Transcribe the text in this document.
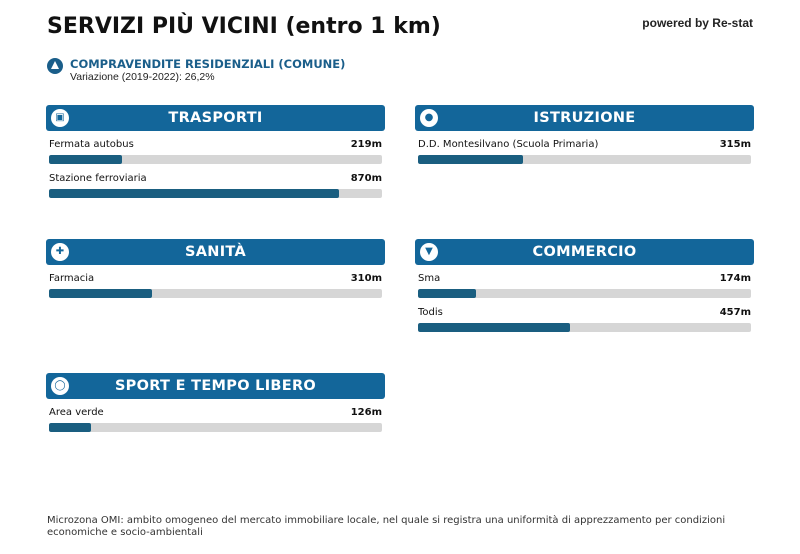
SERVIZI PIÙ VICINI (entro 1 km)	powered by Re-stat
COMPRAVENDITE RESIDENZIALI (COMUNE)
Variazione (2019-2022): 26,2%
▣	TRASPORTI
Fermata autobus	219m
Stazione ferroviaria	870m
●	ISTRUZIONE
D.D. Montesilvano (Scuola Primaria)	315m
✚	SANITÀ
Farmacia	310m
▼	COMMERCIO
Sma	174m
Todis	457m
◯	SPORT E TEMPO LIBERO
Area verde	126m
Microzona OMI: ambito omogeneo del mercato immobiliare locale, nel quale si registra una uniformità di apprezzamento per condizioni economiche e socio-ambientali
